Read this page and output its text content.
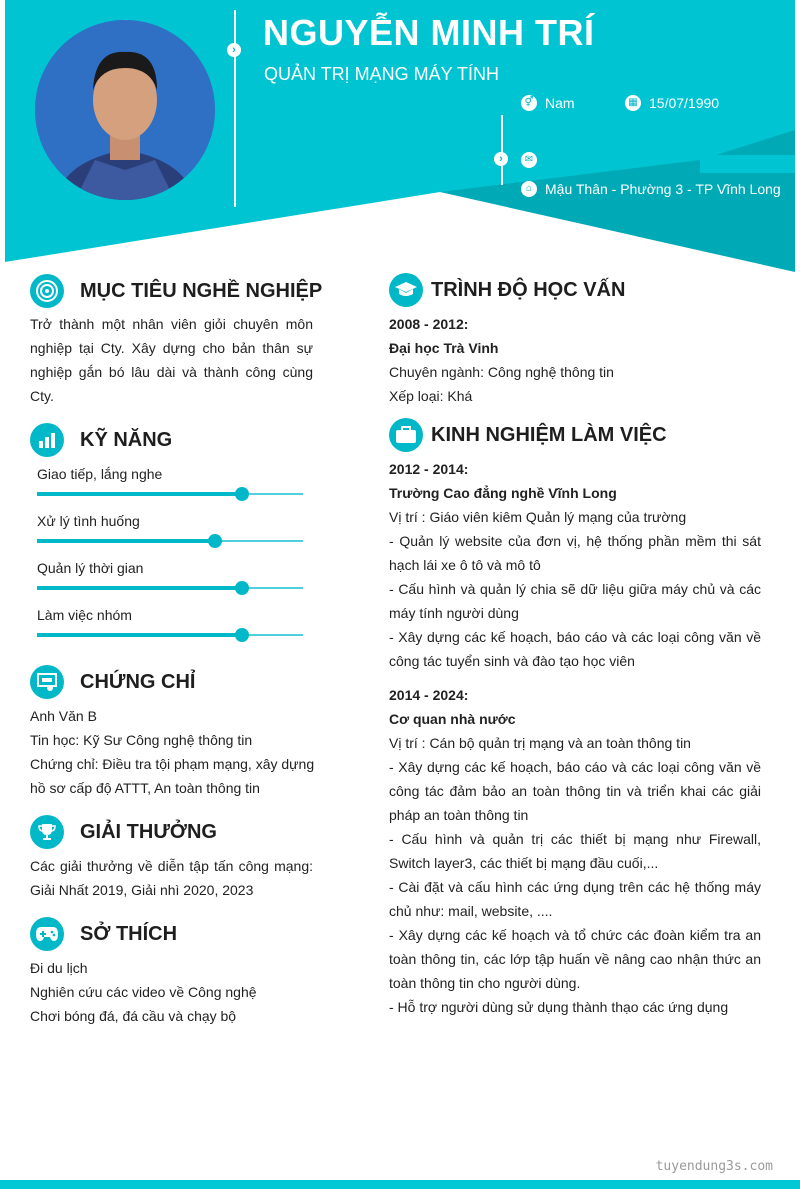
›
›
NGUYỄN MINH TRÍ
QUẢN TRỊ MẠNG MÁY TÍNH
⚥ Nam	▦ 15/07/1990
✉
⌂ Mậu Thân - Phường 3 - TP Vĩnh Long
MỤC TIÊU NGHỀ NGHIỆP

Trở thành một nhân viên giỏi chuyên môn nghiệp tại Cty. Xây dựng cho bản thân sự nghiệp gắn bó lâu dài và thành công cùng Cty.

KỸ NĂNG
Giao tiếp, lắng nghe
Xử lý tình huống
Quản lý thời gian
Làm việc nhóm
CHỨNG CHỈ

Anh Văn B

Tin học: Kỹ Sư Công nghệ thông tin

Chứng chỉ: Điều tra tội phạm mạng, xây dựng hồ sơ cấp độ ATTT, An toàn thông tin

GIẢI THƯỞNG

Các giải thưởng về diễn tập tấn công mạng: Giải Nhất 2019, Giải nhì 2020, 2023

SỞ THÍCH

Đi du lịch

Nghiên cứu các video về Công nghệ

Chơi bóng đá, đá cầu và chạy bộ

TRÌNH ĐỘ HỌC VẤN

2008 - 2012:

Đại học Trà Vinh

Chuyên ngành: Công nghệ thông tin

Xếp loại: Khá

KINH NGHIỆM LÀM VIỆC

2012 - 2014:

Trường Cao đẳng nghề Vĩnh Long

Vị trí : Giáo viên kiêm Quản lý mạng của trường

- Quản lý website của đơn vị, hệ thống phần mềm thi sát hạch lái xe ô tô và mô tô

- Cấu hình và quản lý chia sẽ dữ liệu giữa máy chủ và các máy tính người dùng

- Xây dựng các kế hoạch, báo cáo và các loại công văn về công tác tuyển sinh và đào tạo học viên

2014 - 2024:

Cơ quan nhà nước

Vị trí : Cán bộ quản trị mạng và an toàn thông tin

- Xây dựng các kế hoạch, báo cáo và các loại công văn về công tác đảm bảo an toàn thông tin và triển khai các giải pháp an toàn thông tin

- Cấu hình và quản trị các thiết bị mạng như Firewall, Switch layer3, các thiết bị mạng đầu cuối,...

- Cài đặt và cấu hình các ứng dụng trên các hệ thống máy chủ như: mail, website, ....

- Xây dựng các kế hoạch và tổ chức các đoàn kiểm tra an toàn thông tin, các lớp tập huấn về nâng cao nhận thức an toàn thông tin cho người dùng.

- Hỗ trợ người dùng sử dụng thành thạo các ứng dụng

tuyendung3s.com
